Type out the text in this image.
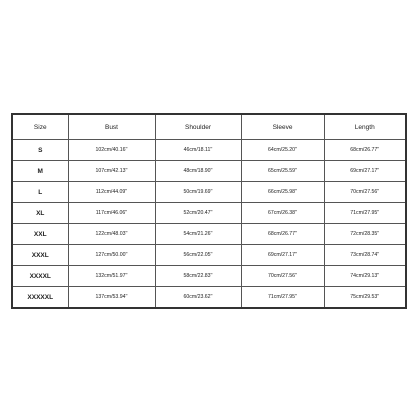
Size	Bust	Shoulder	Sleeve	Length
S	102cm/40.16''	46cm/18.11''	64cm/25.20''	68cm/26.77''
M	107cm/42.13''	48cm/18.90''	65cm/25.59''	69cm/27.17''
L	112cm/44.09''	50cm/19.69''	66cm/25.98''	70cm/27.56''
XL	117cm/46.06''	52cm/20.47''	67cm/26.38''	71cm/27.95''
XXL	122cm/48.03''	54cm/21.26''	68cm/26.77''	72cm/28.35''
XXXL	127cm/50.00''	56cm/22.05''	69cm/27.17''	73cm/28.74''
XXXXL	132cm/51.97''	58cm/22.83''	70cm/27.56''	74cm/29.13''
XXXXXL	137cm/53.94''	60cm/23.62''	71cm/27.95''	75cm/29.53''
